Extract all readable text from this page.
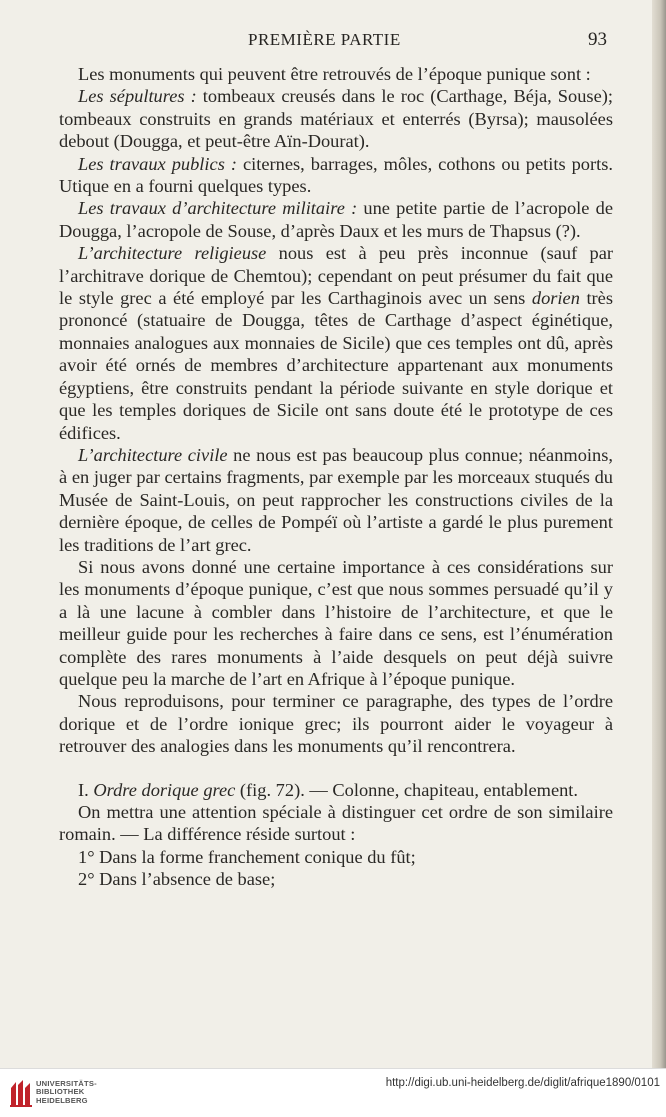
PREMIÈRE PARTIE	93

Les monuments qui peuvent être retrouvés de l’époque punique sont :

Les sépultures : tombeaux creusés dans le roc (Carthage, Béja, Souse); tombeaux construits en grands matériaux et enterrés (Byrsa); mausolées debout (Dougga, et peut-être Aïn-Dourat).

Les travaux publics : citernes, barrages, môles, cothons ou petits ports. Utique en a fourni quelques types.

Les travaux d’architecture militaire : une petite partie de l’acropole de Dougga, l’acropole de Souse, d’après Daux et les murs de Thapsus (?).

L’architecture religieuse nous est à peu près inconnue (sauf par l’architrave dorique de Chemtou); cependant on peut présumer du fait que le style grec a été employé par les Carthaginois avec un sens dorien très prononcé (statuaire de Dougga, têtes de Carthage d’aspect éginétique, monnaies analogues aux monnaies de Sicile) que ces temples ont dû, après avoir été ornés de membres d’architecture appartenant aux monuments égyptiens, être construits pendant la période suivante en style dorique et que les temples doriques de Sicile ont sans doute été le prototype de ces édifices.

L’architecture civile ne nous est pas beaucoup plus connue; néanmoins, à en juger par certains fragments, par exemple par les morceaux stuqués du Musée de Saint-Louis, on peut rapprocher les constructions civiles de la dernière époque, de celles de Pompéï où l’artiste a gardé le plus purement les traditions de l’art grec.

Si nous avons donné une certaine importance à ces considérations sur les monuments d’époque punique, c’est que nous sommes persuadé qu’il y a là une lacune à combler dans l’histoire de l’architecture, et que le meilleur guide pour les recherches à faire dans ce sens, est l’énumération complète des rares monuments à l’aide desquels on peut déjà suivre quelque peu la marche de l’art en Afrique à l’époque punique.

Nous reproduisons, pour terminer ce paragraphe, des types de l’ordre dorique et de l’ordre ionique grec; ils pourront aider le voyageur à retrouver des analogies dans les monuments qu’il rencontrera.

I. Ordre dorique grec (fig. 72). — Colonne, chapiteau, entablement.

On mettra une attention spéciale à distinguer cet ordre de son similaire romain. — La différence réside surtout :

1° Dans la forme franchement conique du fût;

2° Dans l’absence de base;

UNIVERSITÄTS-
BIBLIOTHEK
HEIDELBERG
http://digi.ub.uni-heidelberg.de/diglit/afrique1890/0101
